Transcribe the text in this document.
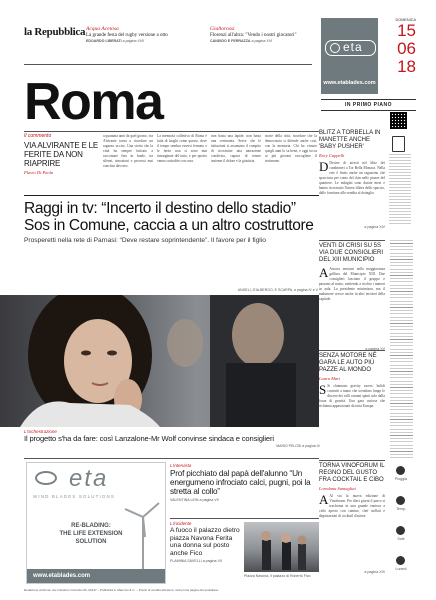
la Repubblica Acqua Acetosa
La grande festa del rugby versione a otto
EDOARDO LIBERATI a pagina XVII
Giallorossi
Florenzi all'altra: "Vendo i nostri giocatori"
CANDIDO E FERRAZZA a pagina XVI
Roma
eta
www.etablades.com
DOMENICA
15
06
18
IN PRIMO PIANO
Il commento
VIA ALVIRANTE E LE FERITE DA NON RIAPRIRE
Flavio Di Paola
a quaranta anni da quel giorno, via Alvirante torna a ricordare un ragazzo ucciso. Una storia che la città ha sempre faticato a raccontare fino in fondo, tra silenzi, rimozioni e processi mai conclusi davvero.
La memoria collettiva di Roma è fatta di luoghi come questo, dove il tempo sembra essersi fermato e le ferite non si sono mai rimarginate del tutto, e per questo vanno custodite con cura.
non basta una lapide, non basta una cerimonia. Serve che le istituzioni si assumano il compito di ricostruire una narrazione condivisa, capace di tenere insieme il dolore e la giustizia.
storie della città, ricordare che la democrazia si difende anche così, con la memoria. Chi ha vissuto quegli anni lo sa bene, e oggi tocca ai più giovani raccogliere il testimone.
Raggi in tv: “Incerto il destino dello stadio”
Sos in Comune, caccia a un altro costruttore
Prosperetti nella rete di Parnasi: “Deve restare soprintendente”. Il favore per il figlio
ANGELI, D'ALBERGO, E SCARPA, a pagina IV e V
L'orchestrazione
Il progetto s'ha da fare: così Lanzalone-Mr Wolf convinse sindaca e consiglieri
MARIO PELOSI a pagina IV
eta
WIND BLADES SOLUTIONS
RE-BLADING:
THE LIFE EXTENSION
SOLUTION
www.etablades.com
L'intervista
Prof picchiato dal papà dell'alunno “Un energumeno infrociato calci, pugni, poi la stretta al collo”
VALENTINA LEIN a pagina VII
L'incidente
A fuoco il palazzo dietro piazza Navona Ferita una donna sul posto anche Fico
FLAMINIA SAVELLI a pagina VII
Piazza Navona, il palazzo di Roberto Fico
BLITZ A TORBELLA IN MANETTE ANCHE 'BABY PUSHER'
Rory Cappelli
D Decine di arresti nel blitz dei carabinieri a Tor Bella Monaca. Nella rete è finito anche un ragazzino che spacciava per conto del clan nelle piazze del quartiere. Le indagini sono durate mesi e hanno ricostruito l'intera filiera dello spaccio, dalle forniture alla vendita al dettaglio.
a pagina XIV
VENTI DI CRISI SU 5S VIA DUE CONSIGLIERI DEL XIII MUNICIPIO
A Ancora tensioni nella maggioranza grillina del Municipio XIII. Due consiglieri lasciano il gruppo e passano al misto, mettendo a rischio i numeri in aula. La presidente minimizza, ma il malumore cresce anche in altri territori della capitale.
a pagina XV
SENZA MOTORE NÉ GARA LE AUTO PIÙ PAZZE AL MONDO
Laura Mari
S Si chiamano gravity racers: bolidi costruiti a mano che scendono lungo le discese dei colli romani spinti solo dalla forza di gravità. Una gara curiosa che richiama appassionati da tutta Europa.
TORNA VINOFORUM IL REGNO DEL GUSTO FRA COCKTAIL E CIBO
Loredana Samagliai
A Al via la nuova edizione di Vinoforum. Per dieci giorni il parco si trasforma in una grande enoteca a cielo aperto con cantine, chef stellati e degustazioni di cocktail d'autore.
a pagina XIX
Pioggia
Temp.
Sole
Lunedì
Redazione di Roma: via Cristoforo Colombo 90, 00147 – Pubblicità A. Manzoni & C. – Prezzi di vendita all'estero: vedi prima pagina del quotidiano
